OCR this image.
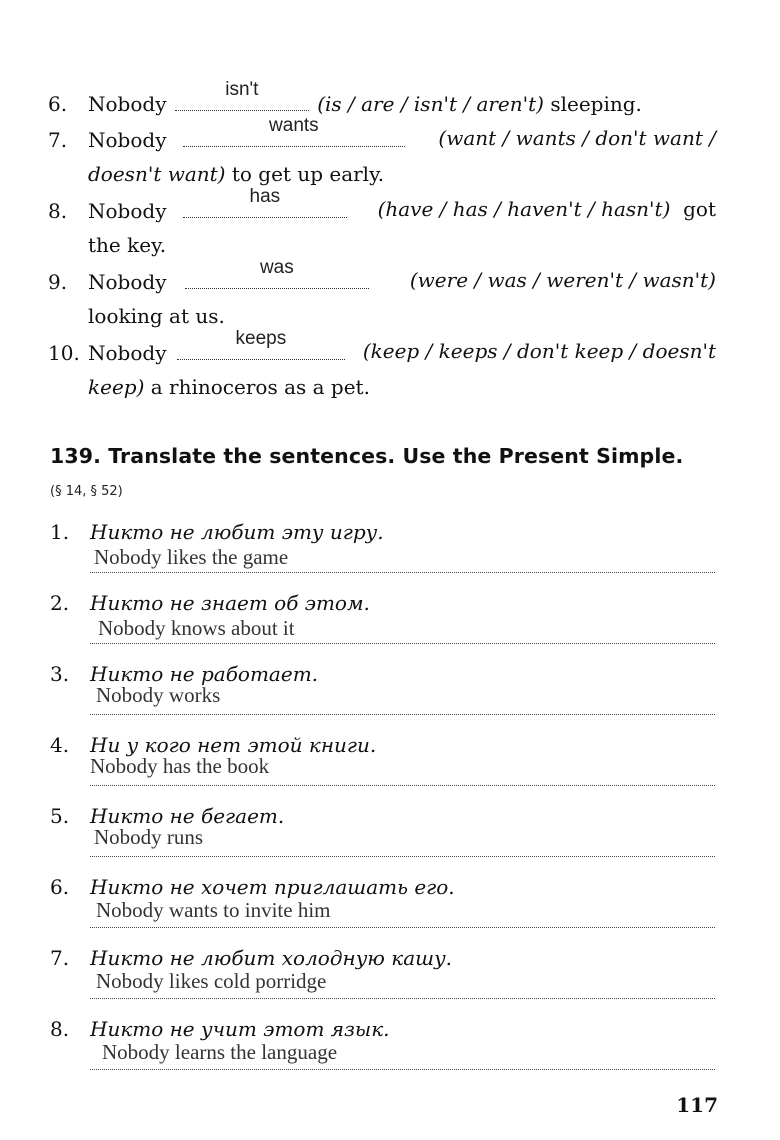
6. Nobody
isn't
(is / are / isn't / aren't) sleeping.
7. Nobody
wants
(want / wants / don't want /
doesn't want) to get up early.
8. Nobody
has
(have / has / haven't / hasn't) got
the key.
9. Nobody
was
(were / was / weren't / wasn't)
looking at us.
10. Nobody
keeps
(keep / keeps / don't keep / doesn't
keep) a rhinoceros as a pet.
139. Translate the sentences. Use the Present Simple.
(§ 14, § 52)
1. Никто не любит эту игру.
Nobody likes the game
2. Никто не знает об этом.
Nobody knows about it
3. Никто не работает.
Nobody works
4. Ни у кого нет этой книги.
Nobody has the book
5. Никто не бегает.
Nobody runs
6. Никто не хочет приглашать его.
Nobody wants to invite him
7. Никто не любит холодную кашу.
Nobody likes cold porridge
8. Никто не учит этот язык.
Nobody learns the language
117
